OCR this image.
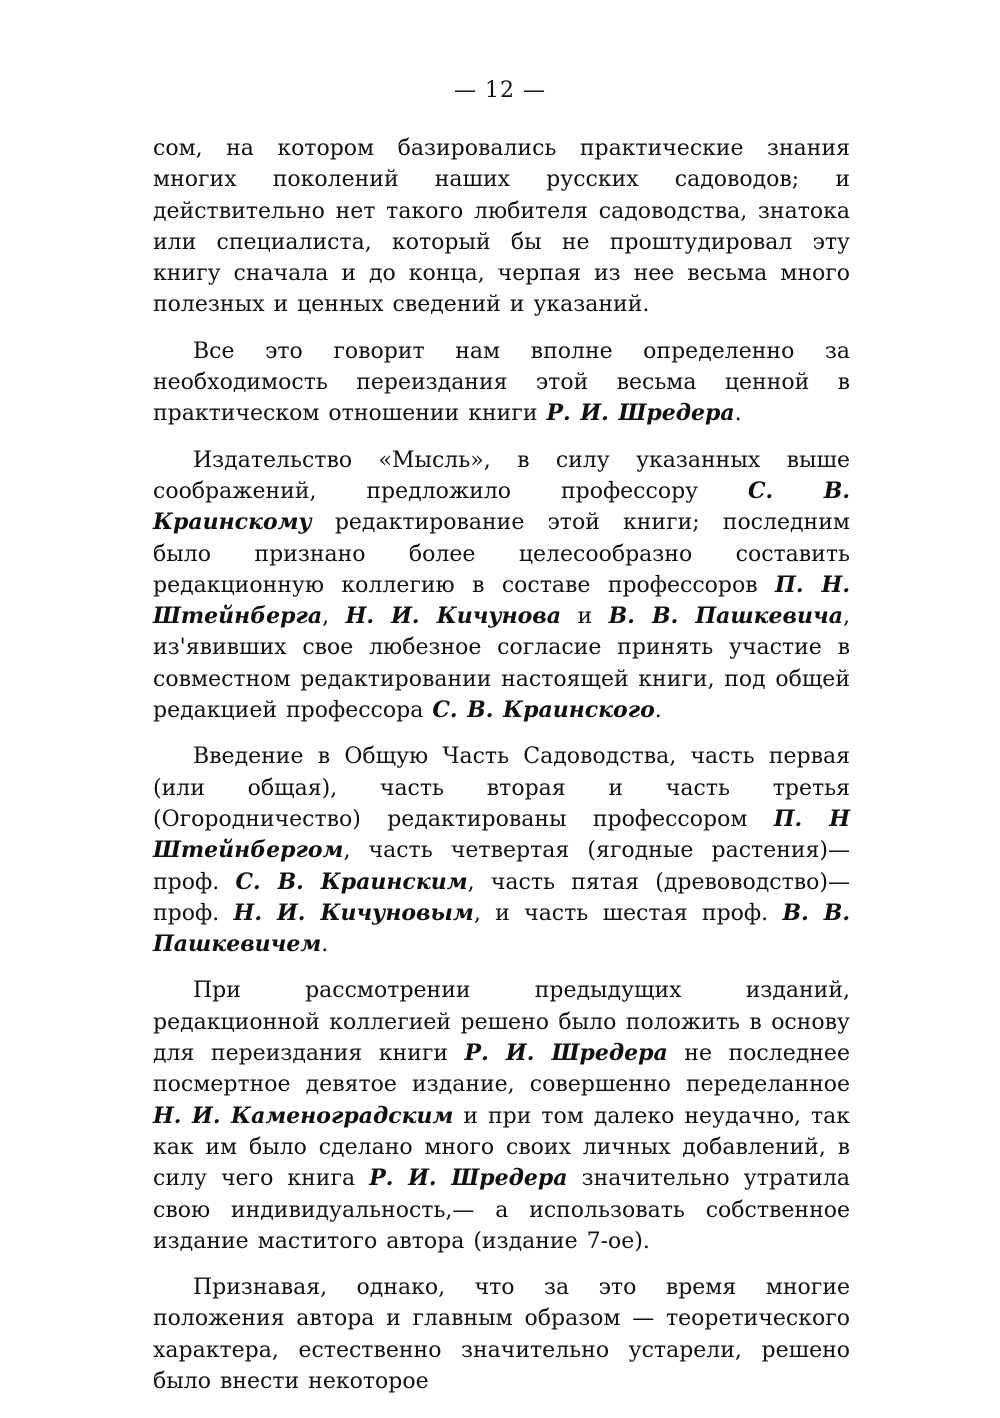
— 12 —

сом, на котором базировались практические знания многих поколений наших русских садоводов; и действительно нет такого любителя садоводства, знатока или специалиста, который бы не проштудировал эту книгу сначала и до конца, черпая из нее весьма много полезных и ценных сведений и указаний.

Все это говорит нам вполне определенно за необходимость переиздания этой весьма ценной в практическом отношении книги Р. И. Шредера.

Издательство «Мысль», в силу указанных выше соображений, предложило профессору С. В. Краинскому редактирование этой книги; последним было признано более целесообразно составить редакционную коллегию в составе профессоров П. Н. Штейнберга, Н. И. Кичунова и В. В. Пашкевича, из'явивших свое любезное согласие принять участие в совместном редактировании настоящей книги, под общей редакцией профессора С. В. Краинского.

Введение в Общую Часть Садоводства, часть первая (или общая), часть вторая и часть третья (Огородничество) редактированы профессором П. Н Штейнбергом, часть четвертая (ягодные растения)—проф. С. В. Краинским, часть пятая (древоводство)—проф. Н. И. Кичуновым, и часть шестая проф. В. В. Пашкевичем.

При рассмотрении предыдущих изданий, редакционной коллегией решено было положить в основу для переиздания книги Р. И. Шредера не последнее посмертное девятое издание, совершенно переделанное Н. И. Каменоградским и при том далеко неудачно, так как им было сделано много своих личных добавлений, в силу чего книга Р. И. Шредера значительно утратила свою индивидуальность,— а использовать собственное издание маститого автора (издание 7-ое).

Признавая, однако, что за это время многие положения автора и главным образом — теоретического характера, естественно значительно устарели, решено было внести некоторое
